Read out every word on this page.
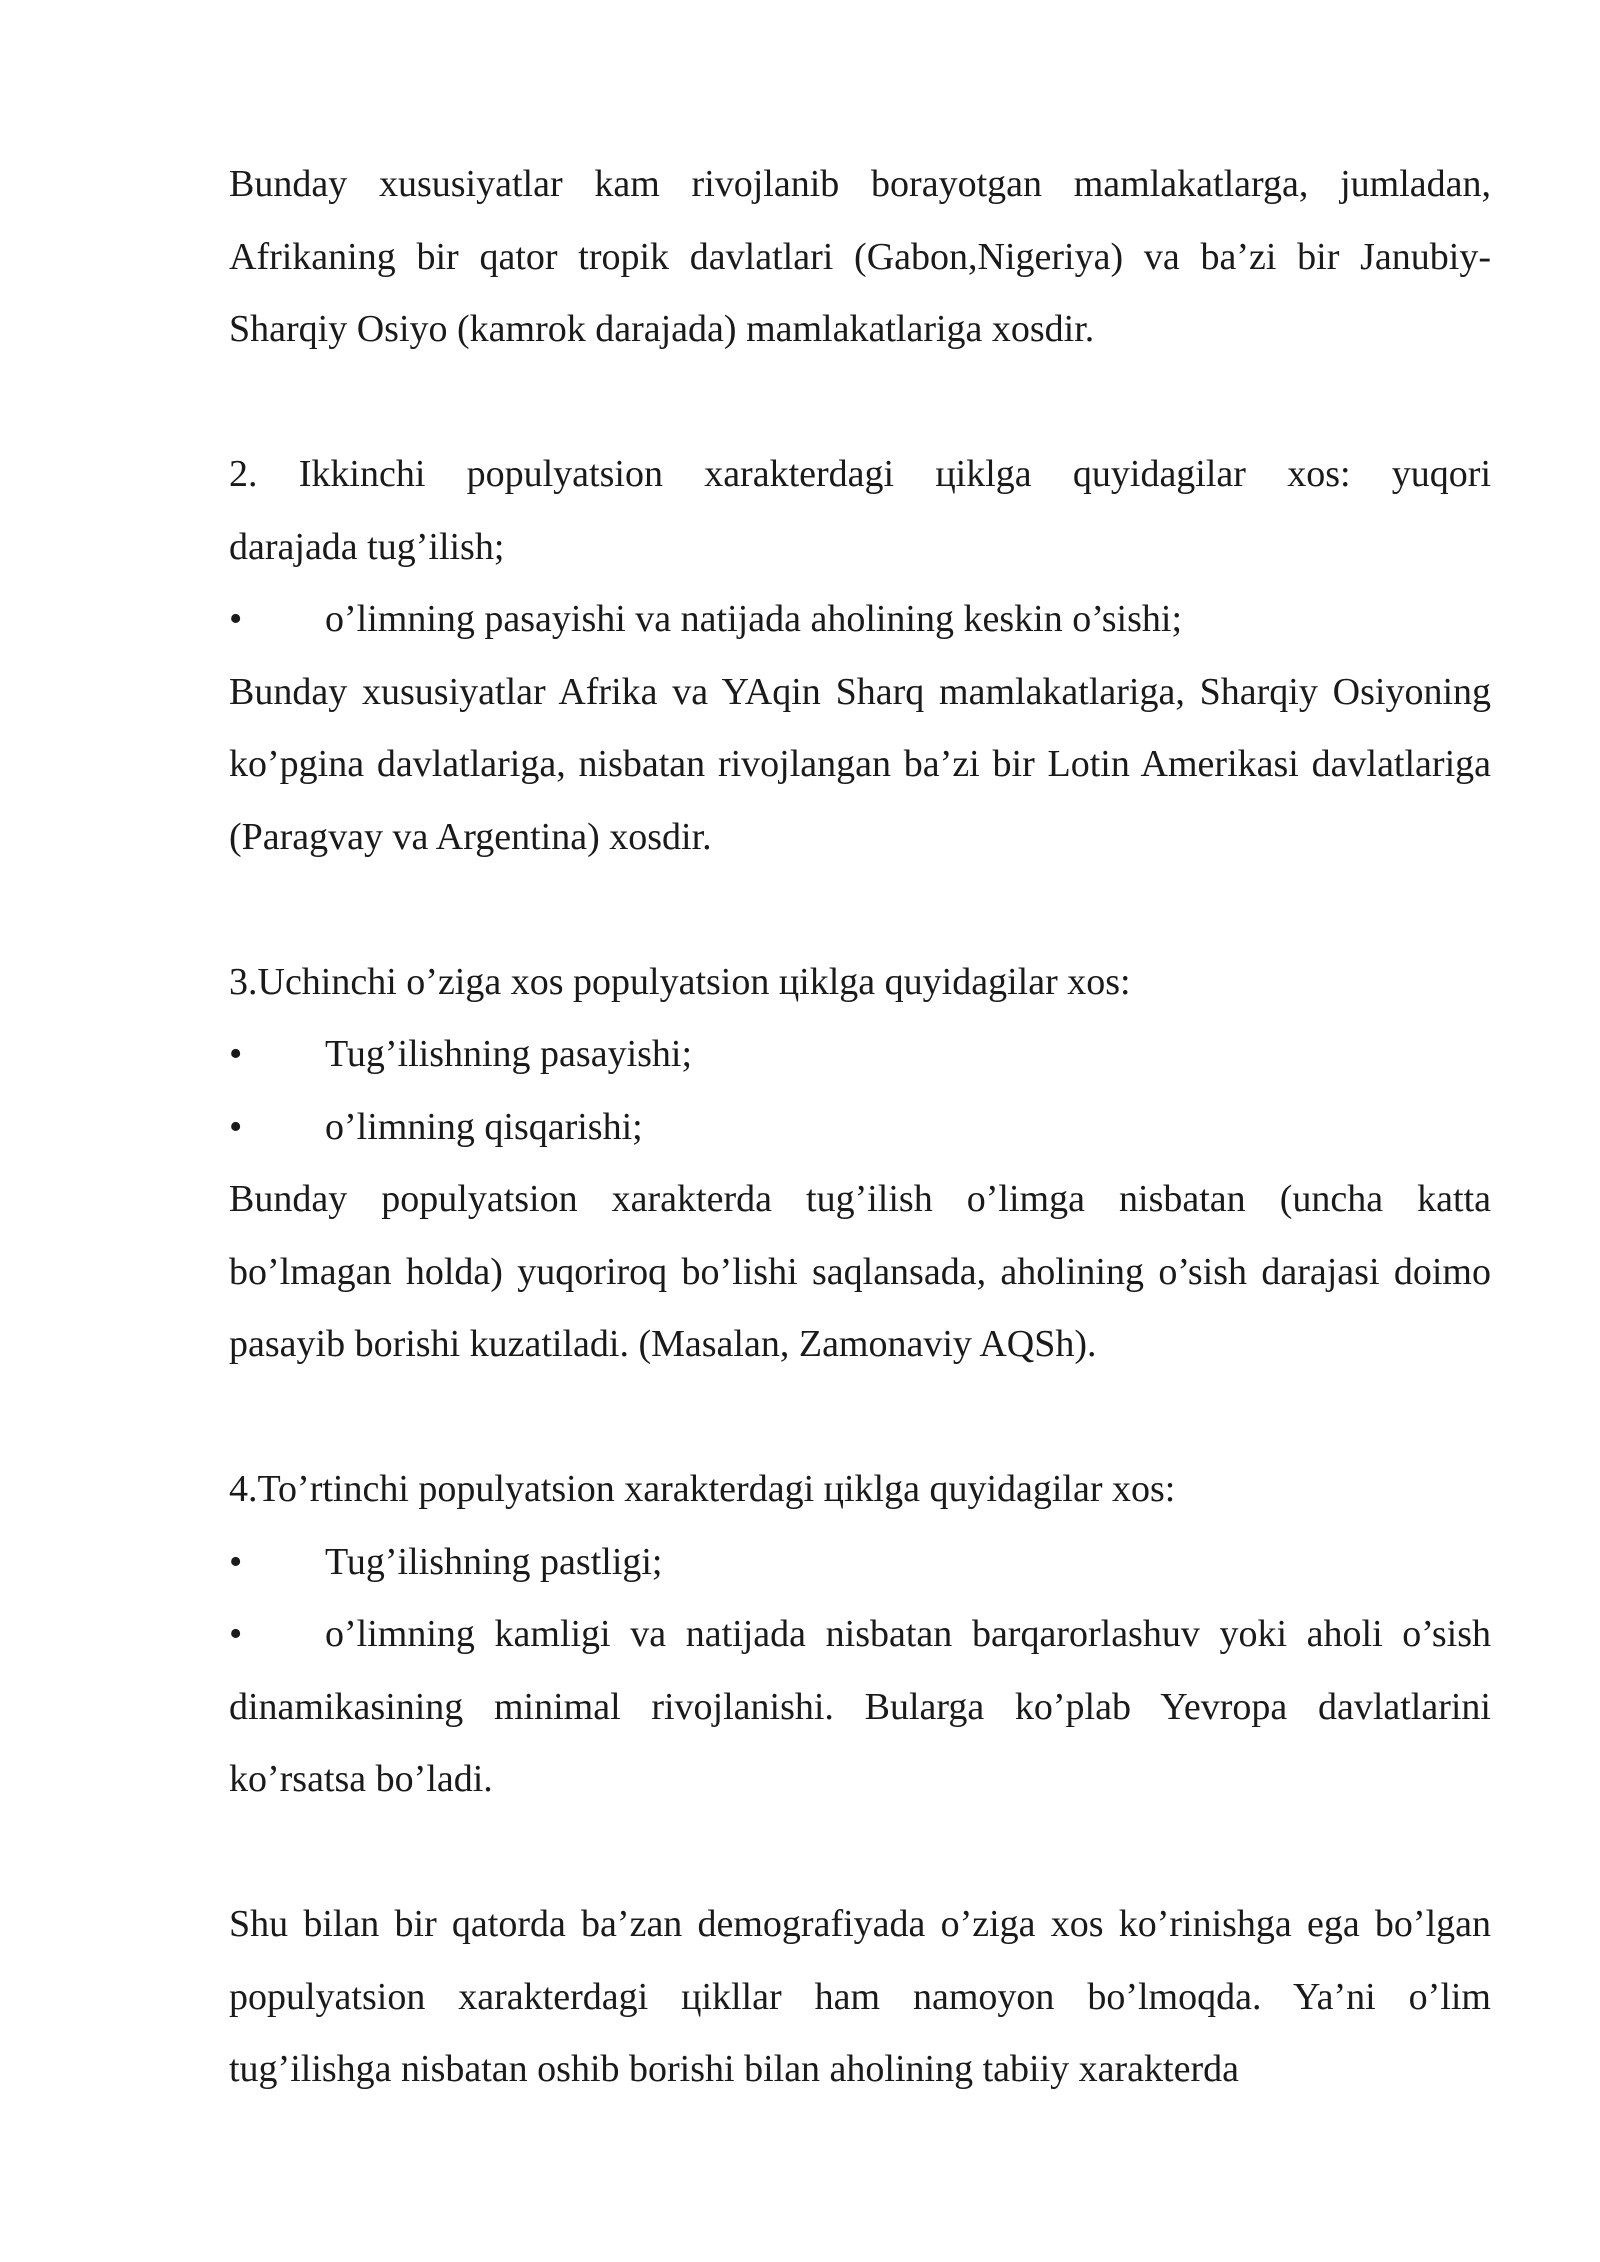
Bunday xususiyatlar kam rivojlanib borayotgan mamlakatlarga, jumladan, Afrikaning bir qator tropik davlatlari (Gabon,Nigeriya) va ba’zi bir Janubiy-Sharqiy Osiyo (kamrok darajada) mamlakatlariga xosdir.

2. Ikkinchi populyatsion xarakterdagi цiklga quyidagilar xos: yuqori

darajada tug’ilish;

•	o’limning pasayishi va natijada aholining keskin o’sishi;

Bunday xususiyatlar Afrika va YAqin Sharq mamlakatlariga, Sharqiy Osiyoning ko’pgina davlatlariga, nisbatan rivojlangan ba’zi bir Lotin Amerikasi davlatlariga (Paragvay va Argentina) xosdir.

3.Uchinchi o’ziga xos populyatsion цiklga quyidagilar xos:

•	Tug’ilishning pasayishi;
•	o’limning qisqarishi;

Bunday populyatsion xarakterda tug’ilish o’limga nisbatan (uncha katta bo’lmagan holda) yuqoriroq bo’lishi saqlansada, aholining o’sish darajasi doimo pasayib borishi kuzatiladi. (Masalan, Zamonaviy AQSh).

4.To’rtinchi populyatsion xarakterdagi цiklga quyidagilar xos:

•	Tug’ilishning pastligi;

• o’limning kamligi va natijada nisbatan barqarorlashuv yoki aholi o’sish dinamikasining minimal rivojlanishi. Bularga ko’plab Yevropa davlatlarini ko’rsatsa bo’ladi.

Shu bilan bir qatorda ba’zan demografiyada o’ziga xos ko’rinishga ega bo’lgan populyatsion xarakterdagi цikllar ham namoyon bo’lmoqda. Ya’ni o’lim tug’ilishga nisbatan oshib borishi bilan aholining tabiiy xarakterda
